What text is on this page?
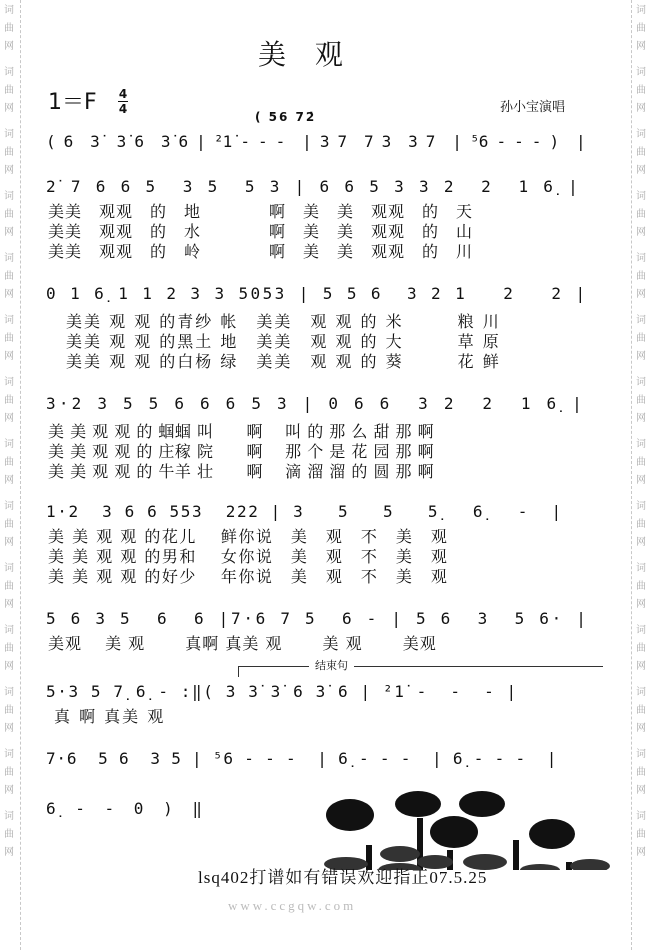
词
曲
网
词
曲
网
词
曲
网
词
曲
网
词
曲
网
词
曲
网
词
曲
网
词
曲
网
词
曲
网
词
曲
网
词
曲
网
词
曲
网
词
曲
网
词
曲
网
词
曲
网
词
曲
网
词
曲
网
词
曲
网
词
曲
网
词
曲
网
词
曲
网
词
曲
网
词
曲
网
词
曲
网
词
曲
网
词
曲
网
词
曲
网
词
曲
网
美 观
1＝F 4
4	孙小宝演唱
( 56 72̇
( 6  3̇  3̇ 6  3̇ 6 | ²1̇ - - -  | 3 7  7 3  3 7  | ⁵6 - - - )  |
2̇ 7 6 6 5  3 5  5 3 | 6 6 5 3 3 2  2  1 6̣ |
美美　观观　的　地　　　　啊　美　美　观观　的　天
美美　观观　的　水　　　　啊　美　美　观观　的　山
美美　观观　的　岭　　　　啊　美　美　观观　的　川
0 1 6̣ 1 1 2 3 3 5053 | 5 5 6  3 2 1   2   2 |
　美美 观 观 的青纱 帐　美美　观 观 的 米　　　粮 川
　美美 观 观 的黑土 地　美美　观 观 的 大　　　草 原
　美美 观 观 的白杨 绿　美美　观 观 的 葵　　　花 鲜
3·2 3 5 5 6 6 6 5 3 | 0 6 6  3 2  2  1 6̣ |
美 美 观 观 的 蝈蝈 叫　　啊　 叫 的 那 么 甜 那 啊
美 美 观 观 的 庄稼 院　　啊　 那 个 是 花 园 那 啊
美 美 观 观 的 牛羊 壮　　啊　 滴 溜 溜 的 圆 那 啊
1·2  3 6 6 553  222 | 3   5   5   5̣   6̣   -  |
美 美 观 观 的花儿　 鲜你说　美　观　不　美　观
美 美 观 观 的男和　 女你说　美　观　不　美　观
美 美 观 观 的好少　 年你说　美　观　不　美　观
5 6 3 5  6  6 |7·6 7 5  6 - | 5 6  3  5 6· |
美观　 美 观　　 真啊 真美 观　　 美 观　　 美观
结束句
5·3 5 7̣ 6̣ - :‖( 3 3̇ 3̇ 6 3̇ 6 | ²1̇ -  -  - |
真 啊 真美 观
7·6  5 6  3 5 | ⁵6 - - -  | 6̣ - - -  | 6̣ - - -  |
6̣ - - 0 ) ‖
lsq402打谱如有错误欢迎指正07.5.25
www.ccgqw.com
